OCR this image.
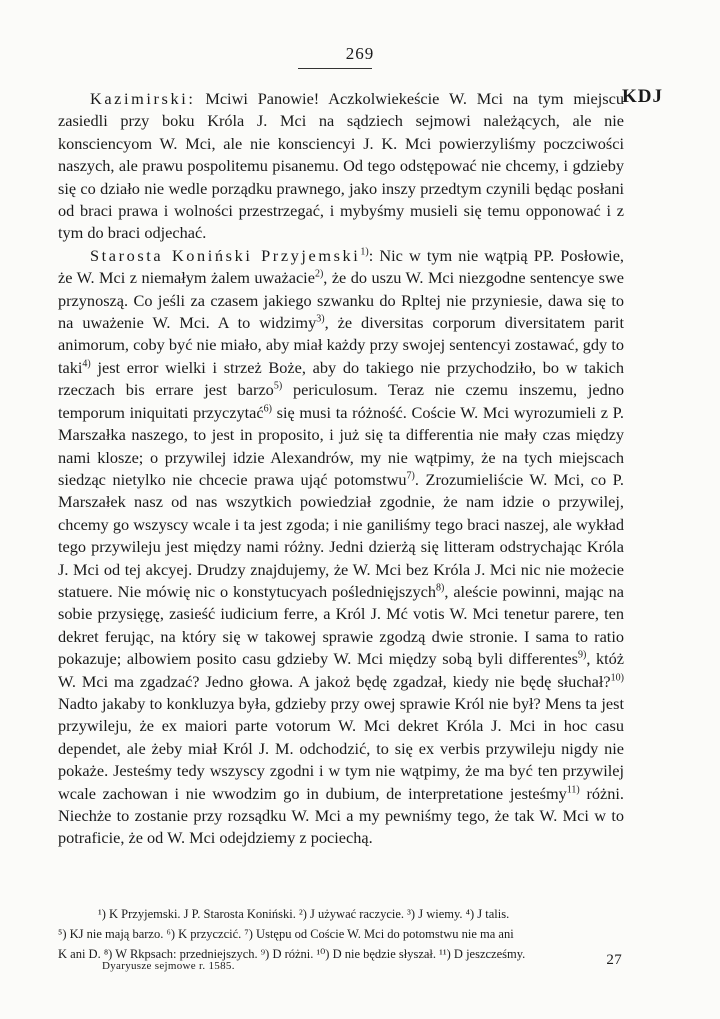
269
KDJ

Kazimirski: Mciwi Panowie! Aczkolwiekeście W. Mci na tym miejscu zasiedli przy boku Króla J. Mci na sądziech sejmowi należących, ale nie konsciencyom W. Mci, ale nie konsciencyi J. K. Mci powierzyliśmy poczciwości naszych, ale prawu pospolitemu pisanemu. Od tego odstępować nie chcemy, i gdzieby się co działo nie wedle porządku prawnego, jako inszy przedtym czynili będąc posłani od braci prawa i wolności przestrzegać, i mybyśmy musieli się temu opponować i z tym do braci odjechać.

Starosta Koniński Przyjemski$^{1)}$: Nic w tym nie wątpią PP. Posłowie, że W. Mci z niemałym żalem uważacie$^{2)}$, że do uszu W. Mci niezgodne sentencye swe przynoszą. Co jeśli za czasem jakiego szwanku do Rpltej nie przyniesie, dawa się to na uważenie W. Mci. A to widzimy$^{3)}$, że diversitas corporum diversitatem parit animorum, coby być nie miało, aby miał każdy przy swojej sentencyi zostawać, gdy to taki$^{4)}$ jest error wielki i strzeż Boże, aby do takiego nie przychodziło, bo w takich rzeczach bis errare jest barzo$^{5)}$ periculosum. Teraz nie czemu inszemu, jedno temporum iniquitati przyczytać$^{6)}$ się musi ta różność. Coście W. Mci wyrozumieli z P. Marszałka naszego, to jest in proposito, i już się ta differentia nie mały czas między nami klosze; o przywilej idzie Alexandrów, my nie wątpimy, że na tych miejscach siedząc nietylko nie chcecie prawa ująć potomstwu$^{7)}$. Zrozumieliście W. Mci, co P. Marszałek nasz od nas wszytkich powiedział zgodnie, że nam idzie o przywilej, chcemy go wszyscy wcale i ta jest zgoda; i nie ganiliśmy tego braci naszej, ale wykład tego przywileju jest między nami różny. Jedni dzierżą się litteram odstrychając Króla J. Mci od tej akcyej. Drudzy znajdujemy, że W. Mci bez Króla J. Mci nic nie możecie statuere. Nie mówię nic o konstytucyach poślednięjszych$^{8)}$, aleście powinni, mając na sobie przysięgę, zasieść iudicium ferre, a Król J. Mć votis W. Mci tenetur parere, ten dekret ferując, na który się w takowej sprawie zgodzą dwie stronie. I sama to ratio pokazuje; albowiem posito casu gdzieby W. Mci między sobą byli differentes$^{9)}$, któż W. Mci ma zgadzać? Jedno głowa. A jakoż będę zgadzał, kiedy nie będę słuchał?$^{10)}$ Nadto jakaby to konkluzya była, gdzieby przy owej sprawie Król nie był? Mens ta jest przywileju, że ex maiori parte votorum W. Mci dekret Króla J. Mci in hoc casu dependet, ale żeby miał Król J. M. odchodzić, to się ex verbis przywileju nigdy nie pokaże. Jesteśmy tedy wszyscy zgodni i w tym nie wątpimy, że ma być ten przywilej wcale zachowan i nie wwodzim go in dubium, de interpretatione jesteśmy$^{11)}$ różni. Niechże to zostanie przy rozsądku W. Mci a my pewniśmy tego, że tak W. Mci w to potraficie, że od W. Mci odejdziemy z pociechą.

¹) K Przyjemski. J P. Starosta Koniński. ²) J używać raczycie. ³) J wiemy. ⁴) J talis.
⁵) KJ nie mają barzo. ⁶) K przyczcić. ⁷) Ustępu od Coście W. Mci do potomstwu nie ma ani
K ani D. ⁸) W Rkpsach: przedniejszych. ⁹) D różni. ¹⁰) D nie będzie słyszał. ¹¹) D jeszcześmy.
Dyaryusze sejmowe r. 1585.	27
